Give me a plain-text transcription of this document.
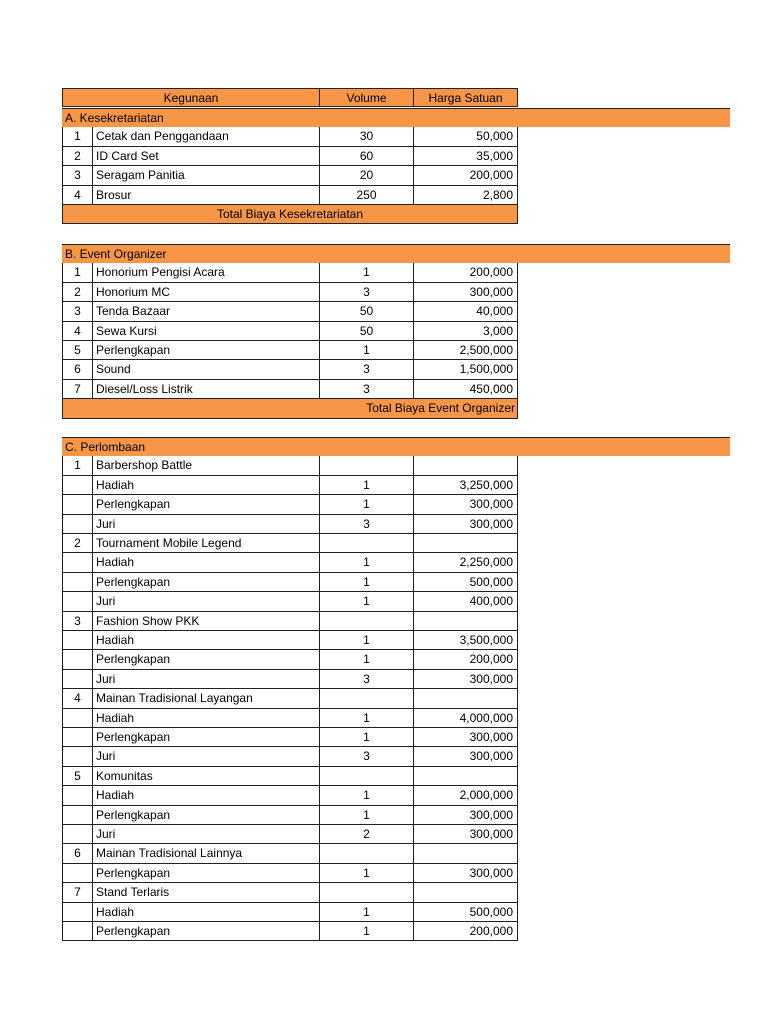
Kegunaan	Volume	Harga Satuan
A. Kesekretariatan
1	Cetak dan Penggandaan	30	50,000
2	ID Card Set	60	35,000
3	Seragam Panitia	20	200,000
4	Brosur	250	2,800
Total Biaya Kesekretariatan
B. Event Organizer
1	Honorium Pengisi Acara	1	200,000
2	Honorium MC	3	300,000
3	Tenda Bazaar	50	40,000
4	Sewa Kursi	50	3,000
5	Perlengkapan	1	2,500,000
6	Sound	3	1,500,000
7	Diesel/Loss Listrik	3	450,000
Total Biaya Event Organizer
C. Perlombaan
1	Barbershop Battle
Hadiah	1	3,250,000
Perlengkapan	1	300,000
Juri	3	300,000
2	Tournament Mobile Legend
Hadiah	1	2,250,000
Perlengkapan	1	500,000
Juri	1	400,000
3	Fashion Show PKK
Hadiah	1	3,500,000
Perlengkapan	1	200,000
Juri	3	300,000
4	Mainan Tradisional Layangan
Hadiah	1	4,000,000
Perlengkapan	1	300,000
Juri	3	300,000
5	Komunitas
Hadiah	1	2,000,000
Perlengkapan	1	300,000
Juri	2	300,000
6	Mainan Tradisional Lainnya
Perlengkapan	1	300,000
7	Stand Terlaris
Hadiah	1	500,000
Perlengkapan	1	200,000
